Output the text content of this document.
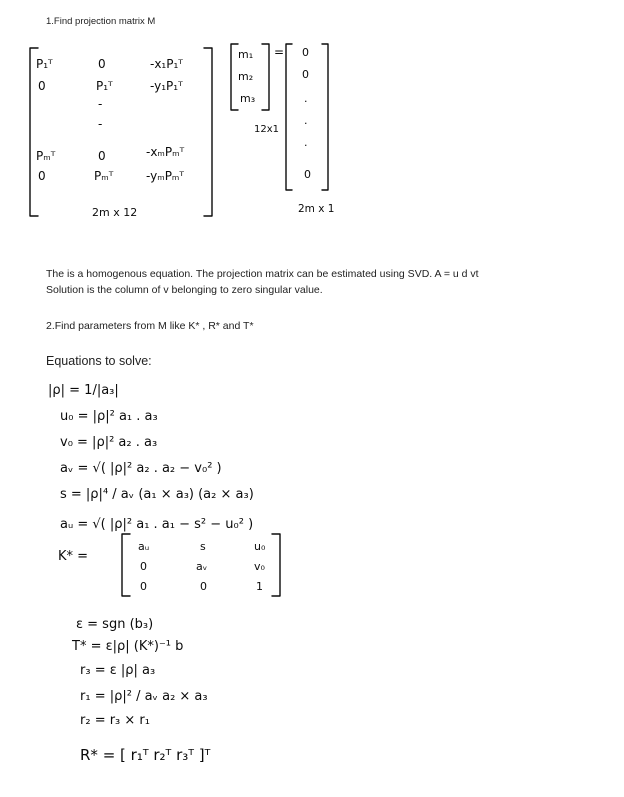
1.Find projection matrix M
P₁ᵀ	0	-x₁P₁ᵀ
0	P₁ᵀ	-y₁P₁ᵀ
-
-
Pₘᵀ	0	-xₘPₘᵀ
0	Pₘᵀ	-yₘPₘᵀ
2m x 12
m₁
m₂
m₃
12x1
= 0
0
.
.
.
0
2m x 1
The is a homogenous equation. The projection matrix can be estimated using SVD. A = u d vt
Solution is the column of v belonging to zero singular value.
2.Find parameters from M like K* , R* and T*
Equations to solve:
|ρ| = 1/|a₃|
u₀ = |ρ|² a₁ . a₃
v₀ = |ρ|² a₂ . a₃
aᵥ = √( |ρ|² a₂ . a₂ − v₀² )
s = |ρ|⁴ / aᵥ (a₁ × a₃) (a₂ × a₃)
aᵤ = √( |ρ|² a₁ . a₁ − s² − u₀² )
K* =
aᵤ	s	u₀
0	aᵥ	v₀
0	0	1
ε = sgn (b₃)
T* = ε|ρ| (K*)⁻¹ b
r₃ = ε |ρ| a₃
r₁ = |ρ|² / aᵥ a₂ × a₃
r₂ = r₃ × r₁
R* = [ r₁ᵀ r₂ᵀ r₃ᵀ ]ᵀ
